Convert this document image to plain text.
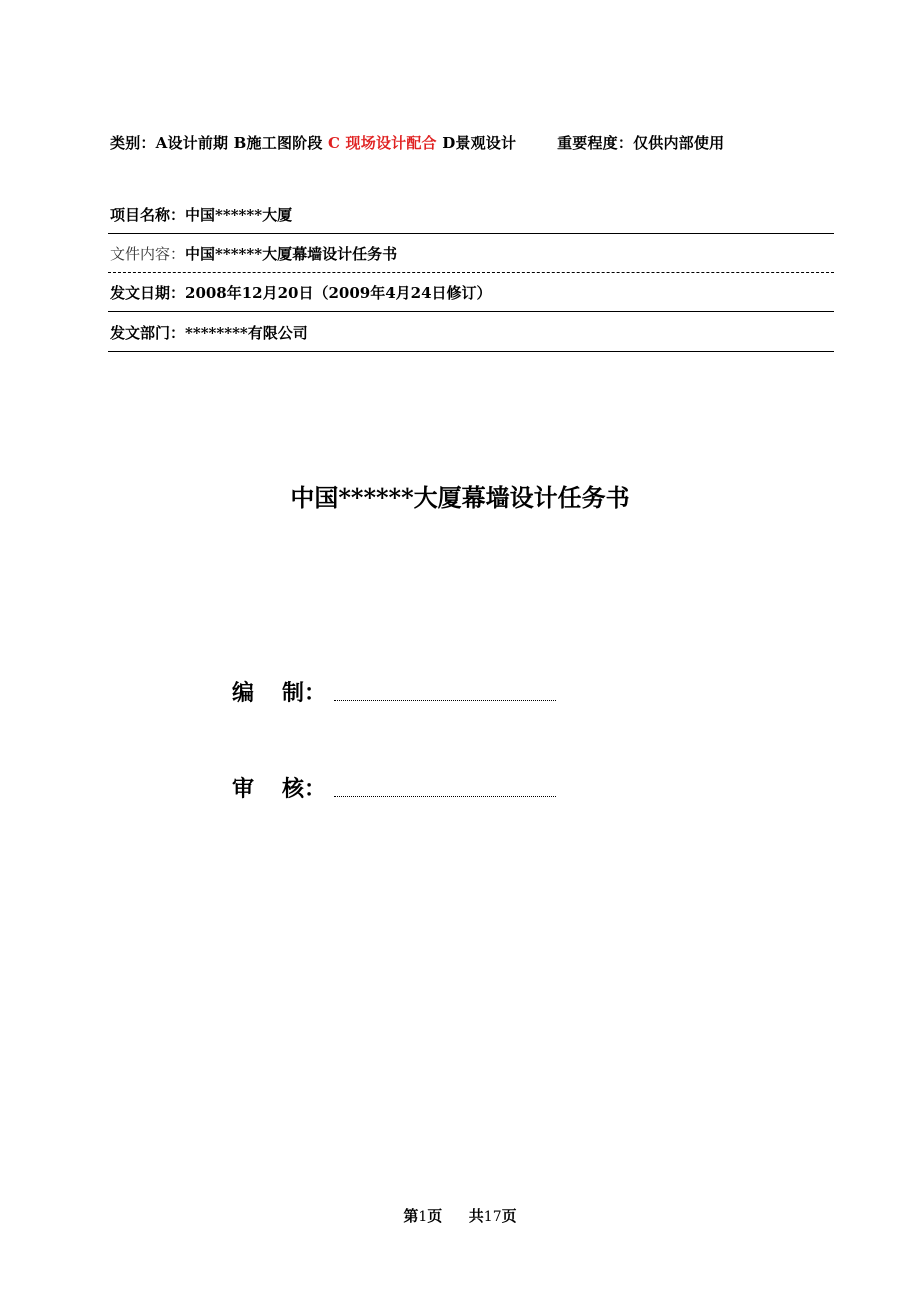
类别：A设计前期 B施工图阶段 C 现场设计配合 D景观设计	重要程度：仅供内部使用
项目名称：中国******大厦
文件内容： 中国******大厦幕墙设计任务书
发文日期：2008年12月20日（2009年4月24日修订）
发文部门：********有限公司
中国******大厦幕墙设计任务书
编 制：
审 核：
第1页 共17页
